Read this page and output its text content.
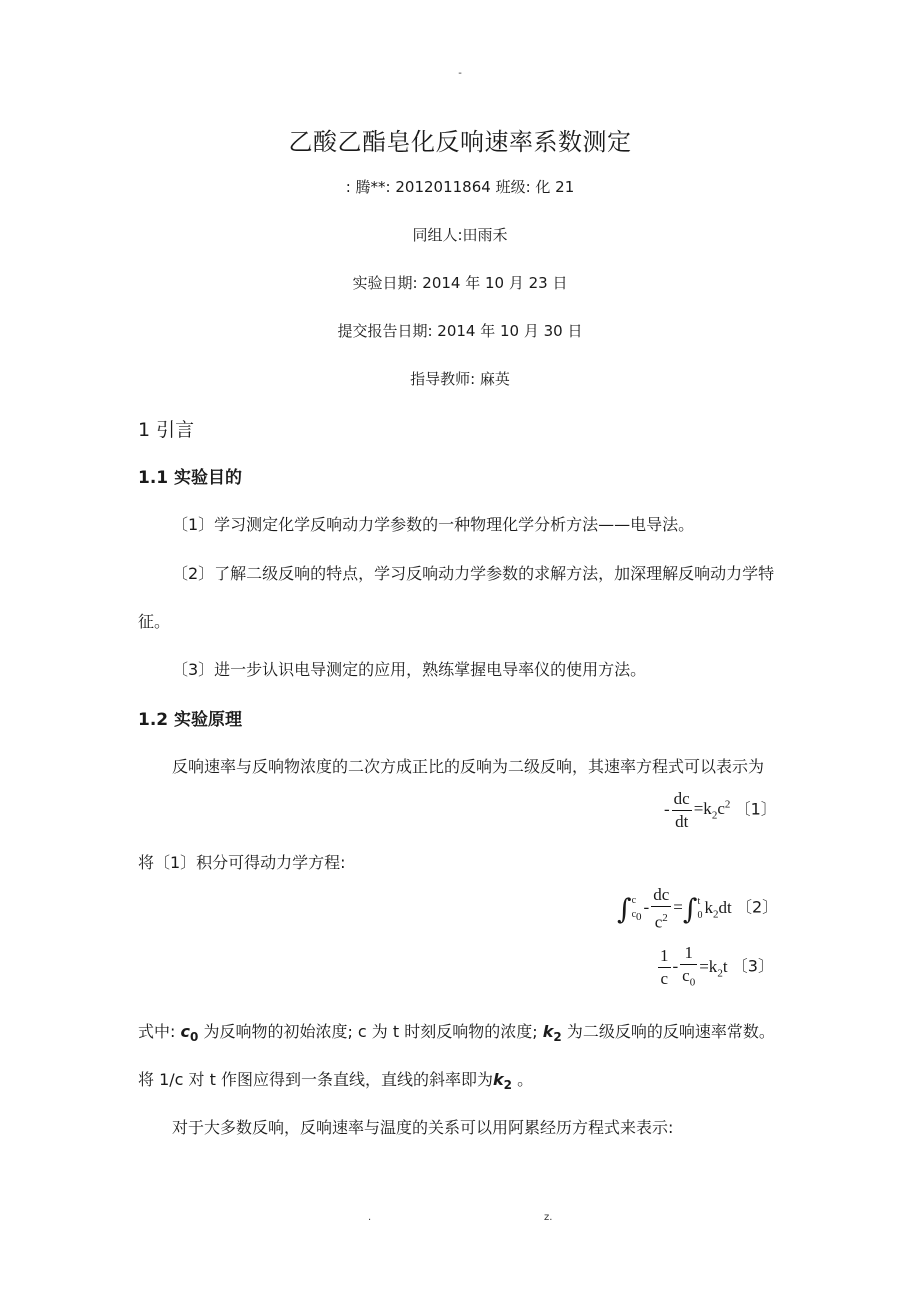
-
乙酸乙酯皂化反响速率系数测定
: 腾**: 2012011864 班级: 化 21
同组人:田雨禾
实验日期: 2014 年 10 月 23 日
提交报告日期: 2014 年 10 月 30 日
指导教师: 麻英
1 引言
1.1 实验目的
〔1〕学习测定化学反响动力学参数的一种物理化学分析方法——电导法。
〔2〕了解二级反响的特点，学习反响动力学参数的求解方法，加深理解反响动力学特
征。
〔3〕进一步认识电导测定的应用，熟练掌握电导率仪的使用方法。
1.2 实验原理
反响速率与反响物浓度的二次方成正比的反响为二级反响，其速率方程式可以表示为
- $\frac{dc}{dt} =k_2c^2$ 〔1〕
将〔1〕积分可得动力学方程:
∫c
$c_0- \frac{dc}{c^2} =\int t$
0 $k_2dt$ 〔2〕
$\frac{1}{c} - \frac{1}{c_0} =k_2t$ 〔3〕
式中: $c_0$ 为反响物的初始浓度; c 为 t 时刻反响物的浓度; $k_2$ 为二级反响的反响速率常数。
将 1/c 对 t 作图应得到一条直线，直线的斜率即为$k_2$ 。
对于大多数反响，反响速率与温度的关系可以用阿累经历方程式来表示:
.	z.
